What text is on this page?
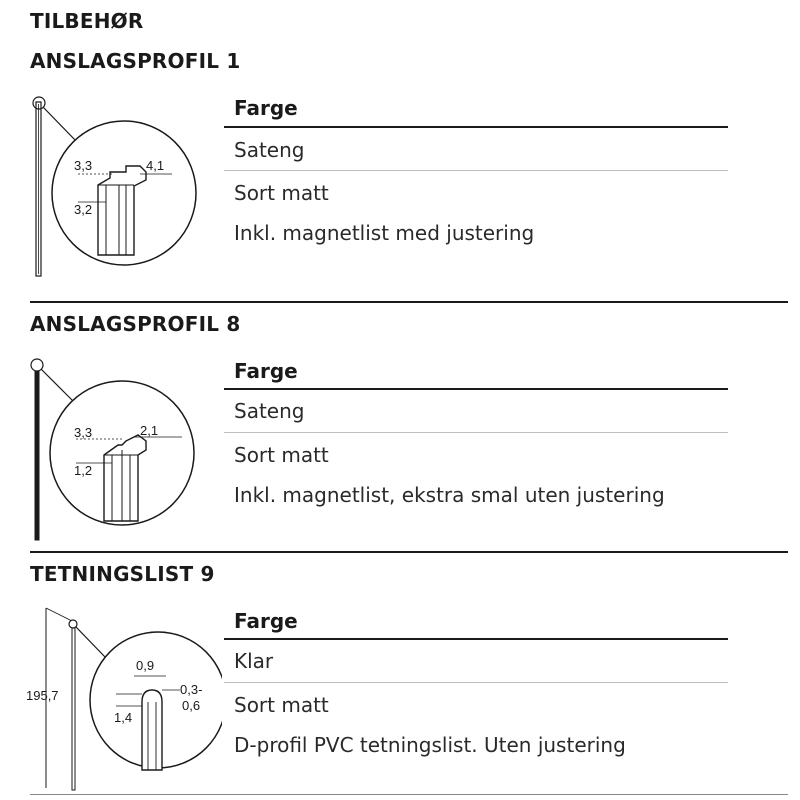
TILBEHØR
ANSLAGSPROFIL 1
3,3	4,1
3,2
Farge
Sateng
Sort matt
Inkl. magnetlist med justering
ANSLAGSPROFIL 8
3,3	2,1
1,2
Farge
Sateng
Sort matt
Inkl. magnetlist, ekstra smal uten justering
TETNINGSLIST 9
195,7
0,9
0,3-
0,6
1,4
Farge
Klar
Sort matt
D-profil PVC tetningslist. Uten justering
